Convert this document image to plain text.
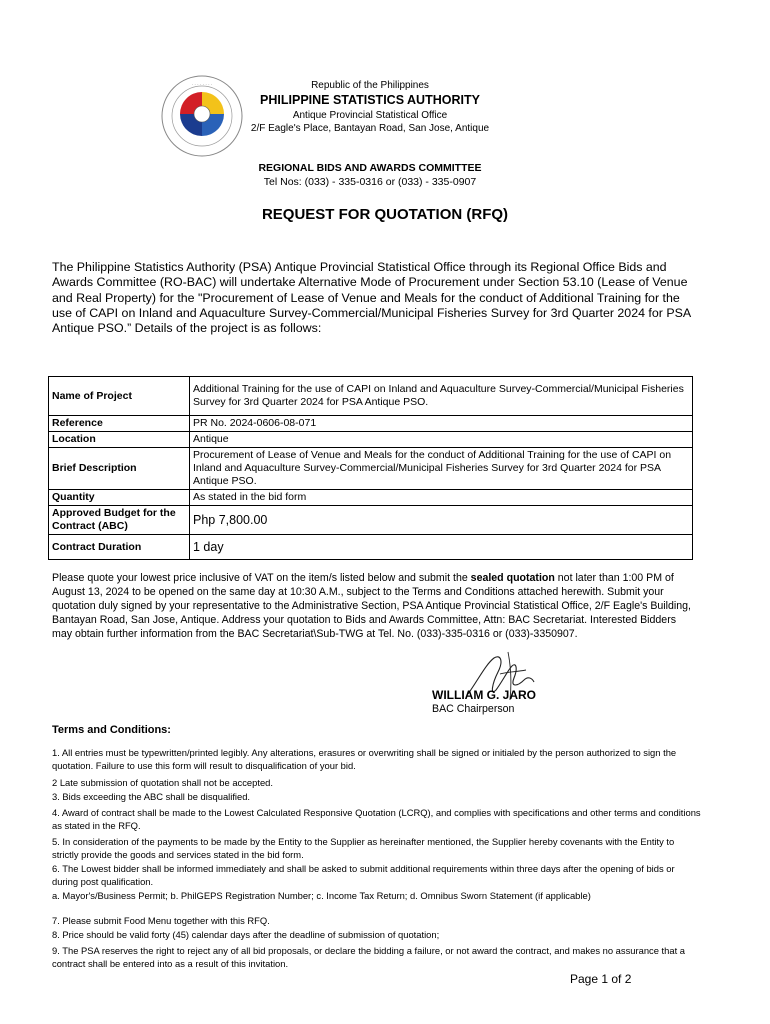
· · · · · · · ·	Republic of the Philippines
PHILIPPINE STATISTICS AUTHORITY
Antique Provincial Statistical Office
2/F Eagle's Place, Bantayan Road, San Jose, Antique
REGIONAL BIDS AND AWARDS COMMITTEE
Tel Nos: (033) - 335-0316 or (033) - 335-0907
REQUEST FOR QUOTATION (RFQ)
The Philippine Statistics Authority (PSA) Antique Provincial Statistical Office through its Regional Office Bids and Awards Committee (RO-BAC) will undertake Alternative Mode of Procurement under Section 53.10 (Lease of Venue and Real Property) for the "Procurement of Lease of Venue and Meals for the conduct of Additional Training for the use of CAPI on Inland and Aquaculture Survey-Commercial/Municipal Fisheries Survey for 3rd Quarter 2024 for PSA Antique PSO.” Details of the project is as follows:
Name of Project	Additional Training for the use of CAPI on Inland and Aquaculture Survey-Commercial/Municipal Fisheries Survey for 3rd Quarter 2024 for PSA Antique PSO.
Reference	PR No. 2024-0606-08-071
Location	Antique
Brief Description	Procurement of Lease of Venue and Meals for the conduct of Additional Training for the use of CAPI on Inland and Aquaculture Survey-Commercial/Municipal Fisheries Survey for 3rd Quarter 2024 for PSA Antique PSO.
Quantity	As stated in the bid form
Approved Budget for the Contract (ABC)	Php 7,800.00
Contract Duration	1 day
Please quote your lowest price inclusive of VAT on the item/s listed below and submit the sealed quotation not later than 1:00 PM of August 13, 2024 to be opened on the same day at 10:30 A.M., subject to the Terms and Conditions attached herewith. Submit your quotation duly signed by your representative to the Administrative Section, PSA Antique Provincial Statistical Office, 2/F Eagle's Building, Bantayan Road, San Jose, Antique. Address your quotation to Bids and Awards Committee, Attn: BAC Secretariat. Interested Bidders may obtain further information from the BAC Secretariat\Sub-TWG at Tel. No. (033)-335-0316 or (033)-3350907.
WILLIAM G. JARO
BAC Chairperson
Terms and Conditions:
1. All entries must be typewritten/printed legibly. Any alterations, erasures or overwriting shall be signed or initialed by the person authorized to sign the quotation. Failure to use this form will result to disqualification of your bid.
2 Late submission of quotation shall not be accepted.
3. Bids exceeding the ABC shall be disqualified.
4. Award of contract shall be made to the Lowest Calculated Responsive Quotation (LCRQ), and complies with specifications and other terms and conditions as stated in the RFQ.
5. In consideration of the payments to be made by the Entity to the Supplier as hereinafter mentioned, the Supplier hereby covenants with the Entity to strictly provide the goods and services stated in the bid form.
6. The Lowest bidder shall be informed immediately and shall be asked to submit additional requirements within three days after the opening of bids or during post qualification.
a. Mayor's/Business Permit; b. PhilGEPS Registration Number; c. Income Tax Return; d. Omnibus Sworn Statement (if applicable)
7. Please submit Food Menu together with this RFQ.
8. Price should be valid forty (45) calendar days after the deadline of submission of quotation;
9. The PSA reserves the right to reject any of all bid proposals, or declare the bidding a failure, or not award the contract, and makes no assurance that a contract shall be entered into as a result of this invitation.
Page 1 of 2
